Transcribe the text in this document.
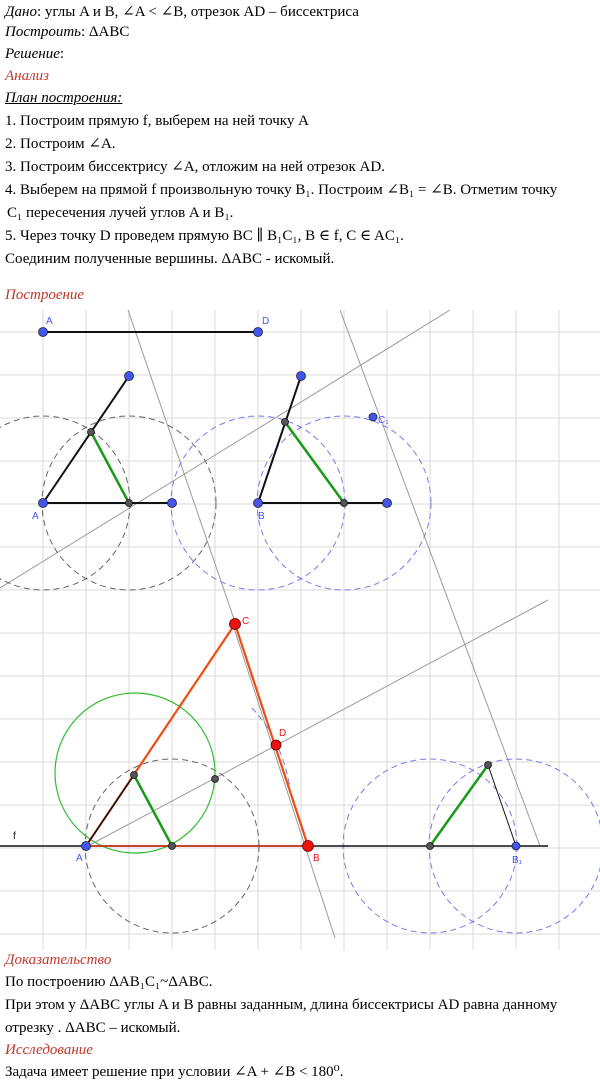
Дано: углы A и B, ∠A < ∠B, отрезок AD – биссектриса
Построить: ΔABC
Решение:
Анализ
План построения:
1. Построим прямую f, выберем на ней точку A
2. Построим ∠A.
3. Построим биссектрису ∠A, отложим на ней отрезок AD.
4. Выберем на прямой f произвольную точку B₁. Построим ∠B₁ = ∠B. Отметим точку
C₁ пересечения лучей углов A и B₁.
5. Через точку D проведем прямую BC ∥ B₁C₁, B ∈ f, C ∈ AC₁.
Соединим полученные вершины. ΔABC - искомый.
Построение
A	D
A	B
C₁
C
D
f
A	B	B₁
Доказательство
По построению ΔAB₁C₁~ΔABC.
При этом у ΔABC углы A и B равны заданным, длина биссектрисы AD равна данному
отрезку . ΔABC – искомый.
Исследование
Задача имеет решение при условии ∠A + ∠B < 180⁰.
